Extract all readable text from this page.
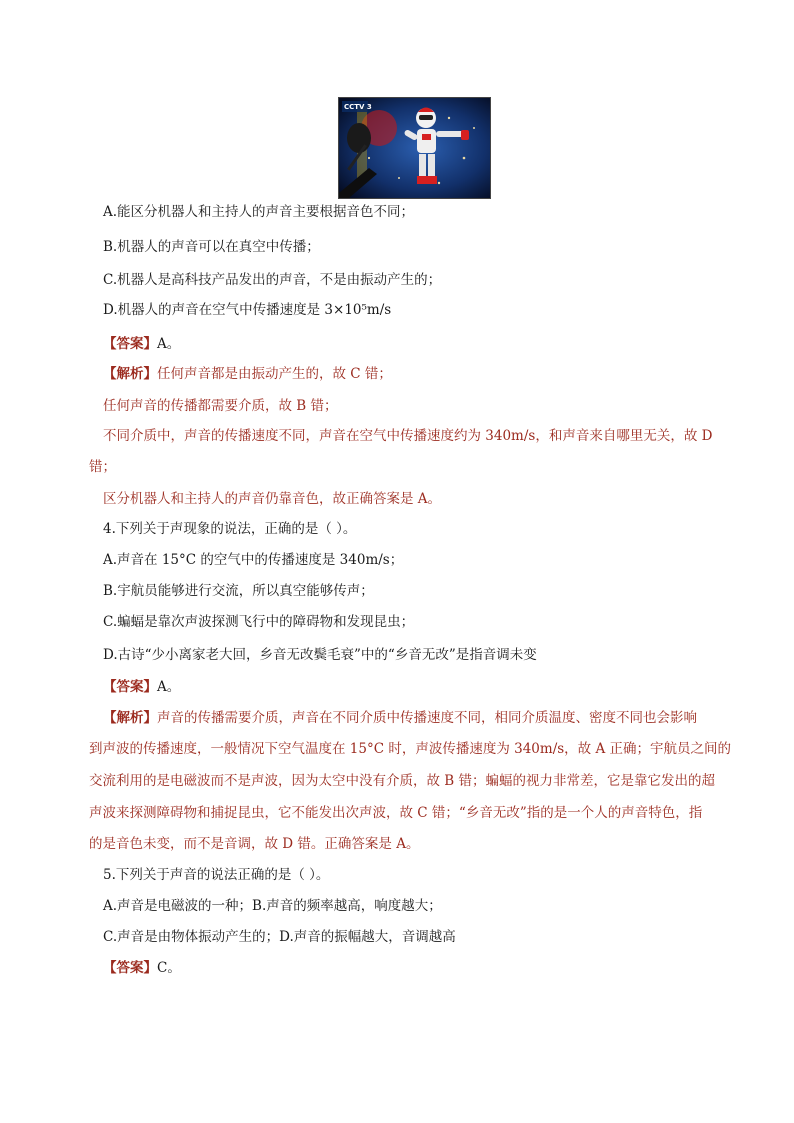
CCTV 3
A.能区分机器人和主持人的声音主要根据音色不同；
B.机器人的声音可以在真空中传播；
C.机器人是高科技产品发出的声音，不是由振动产生的；
D.机器人的声音在空气中传播速度是 3×10⁵m/s
【答案】A。
【解析】任何声音都是由振动产生的，故 C 错；
任何声音的传播都需要介质，故 B 错；
不同介质中，声音的传播速度不同，声音在空气中传播速度约为 340m/s，和声音来自哪里无关，故 D
错；
区分机器人和主持人的声音仍靠音色，故正确答案是 A。
4.下列关于声现象的说法，正确的是（ ）。
A.声音在 15°C 的空气中的传播速度是 340m/s；
B.宇航员能够进行交流，所以真空能够传声；
C.蝙蝠是靠次声波探测飞行中的障碍物和发现昆虫；
D.古诗“少小离家老大回，乡音无改鬓毛衰”中的“乡音无改”是指音调未变
【答案】A。
【解析】声音的传播需要介质，声音在不同介质中传播速度不同，相同介质温度、密度不同也会影响
到声波的传播速度，一般情况下空气温度在 15°C 时，声波传播速度为 340m/s，故 A 正确；宇航员之间的
交流利用的是电磁波而不是声波，因为太空中没有介质，故 B 错；蝙蝠的视力非常差，它是靠它发出的超
声波来探测障碍物和捕捉昆虫，它不能发出次声波，故 C 错；“乡音无改”指的是一个人的声音特色，指
的是音色未变，而不是音调，故 D 错。正确答案是 A。
5.下列关于声音的说法正确的是（ ）。
A.声音是电磁波的一种；B.声音的频率越高，响度越大；
C.声音是由物体振动产生的；D.声音的振幅越大，音调越高
【答案】C。
